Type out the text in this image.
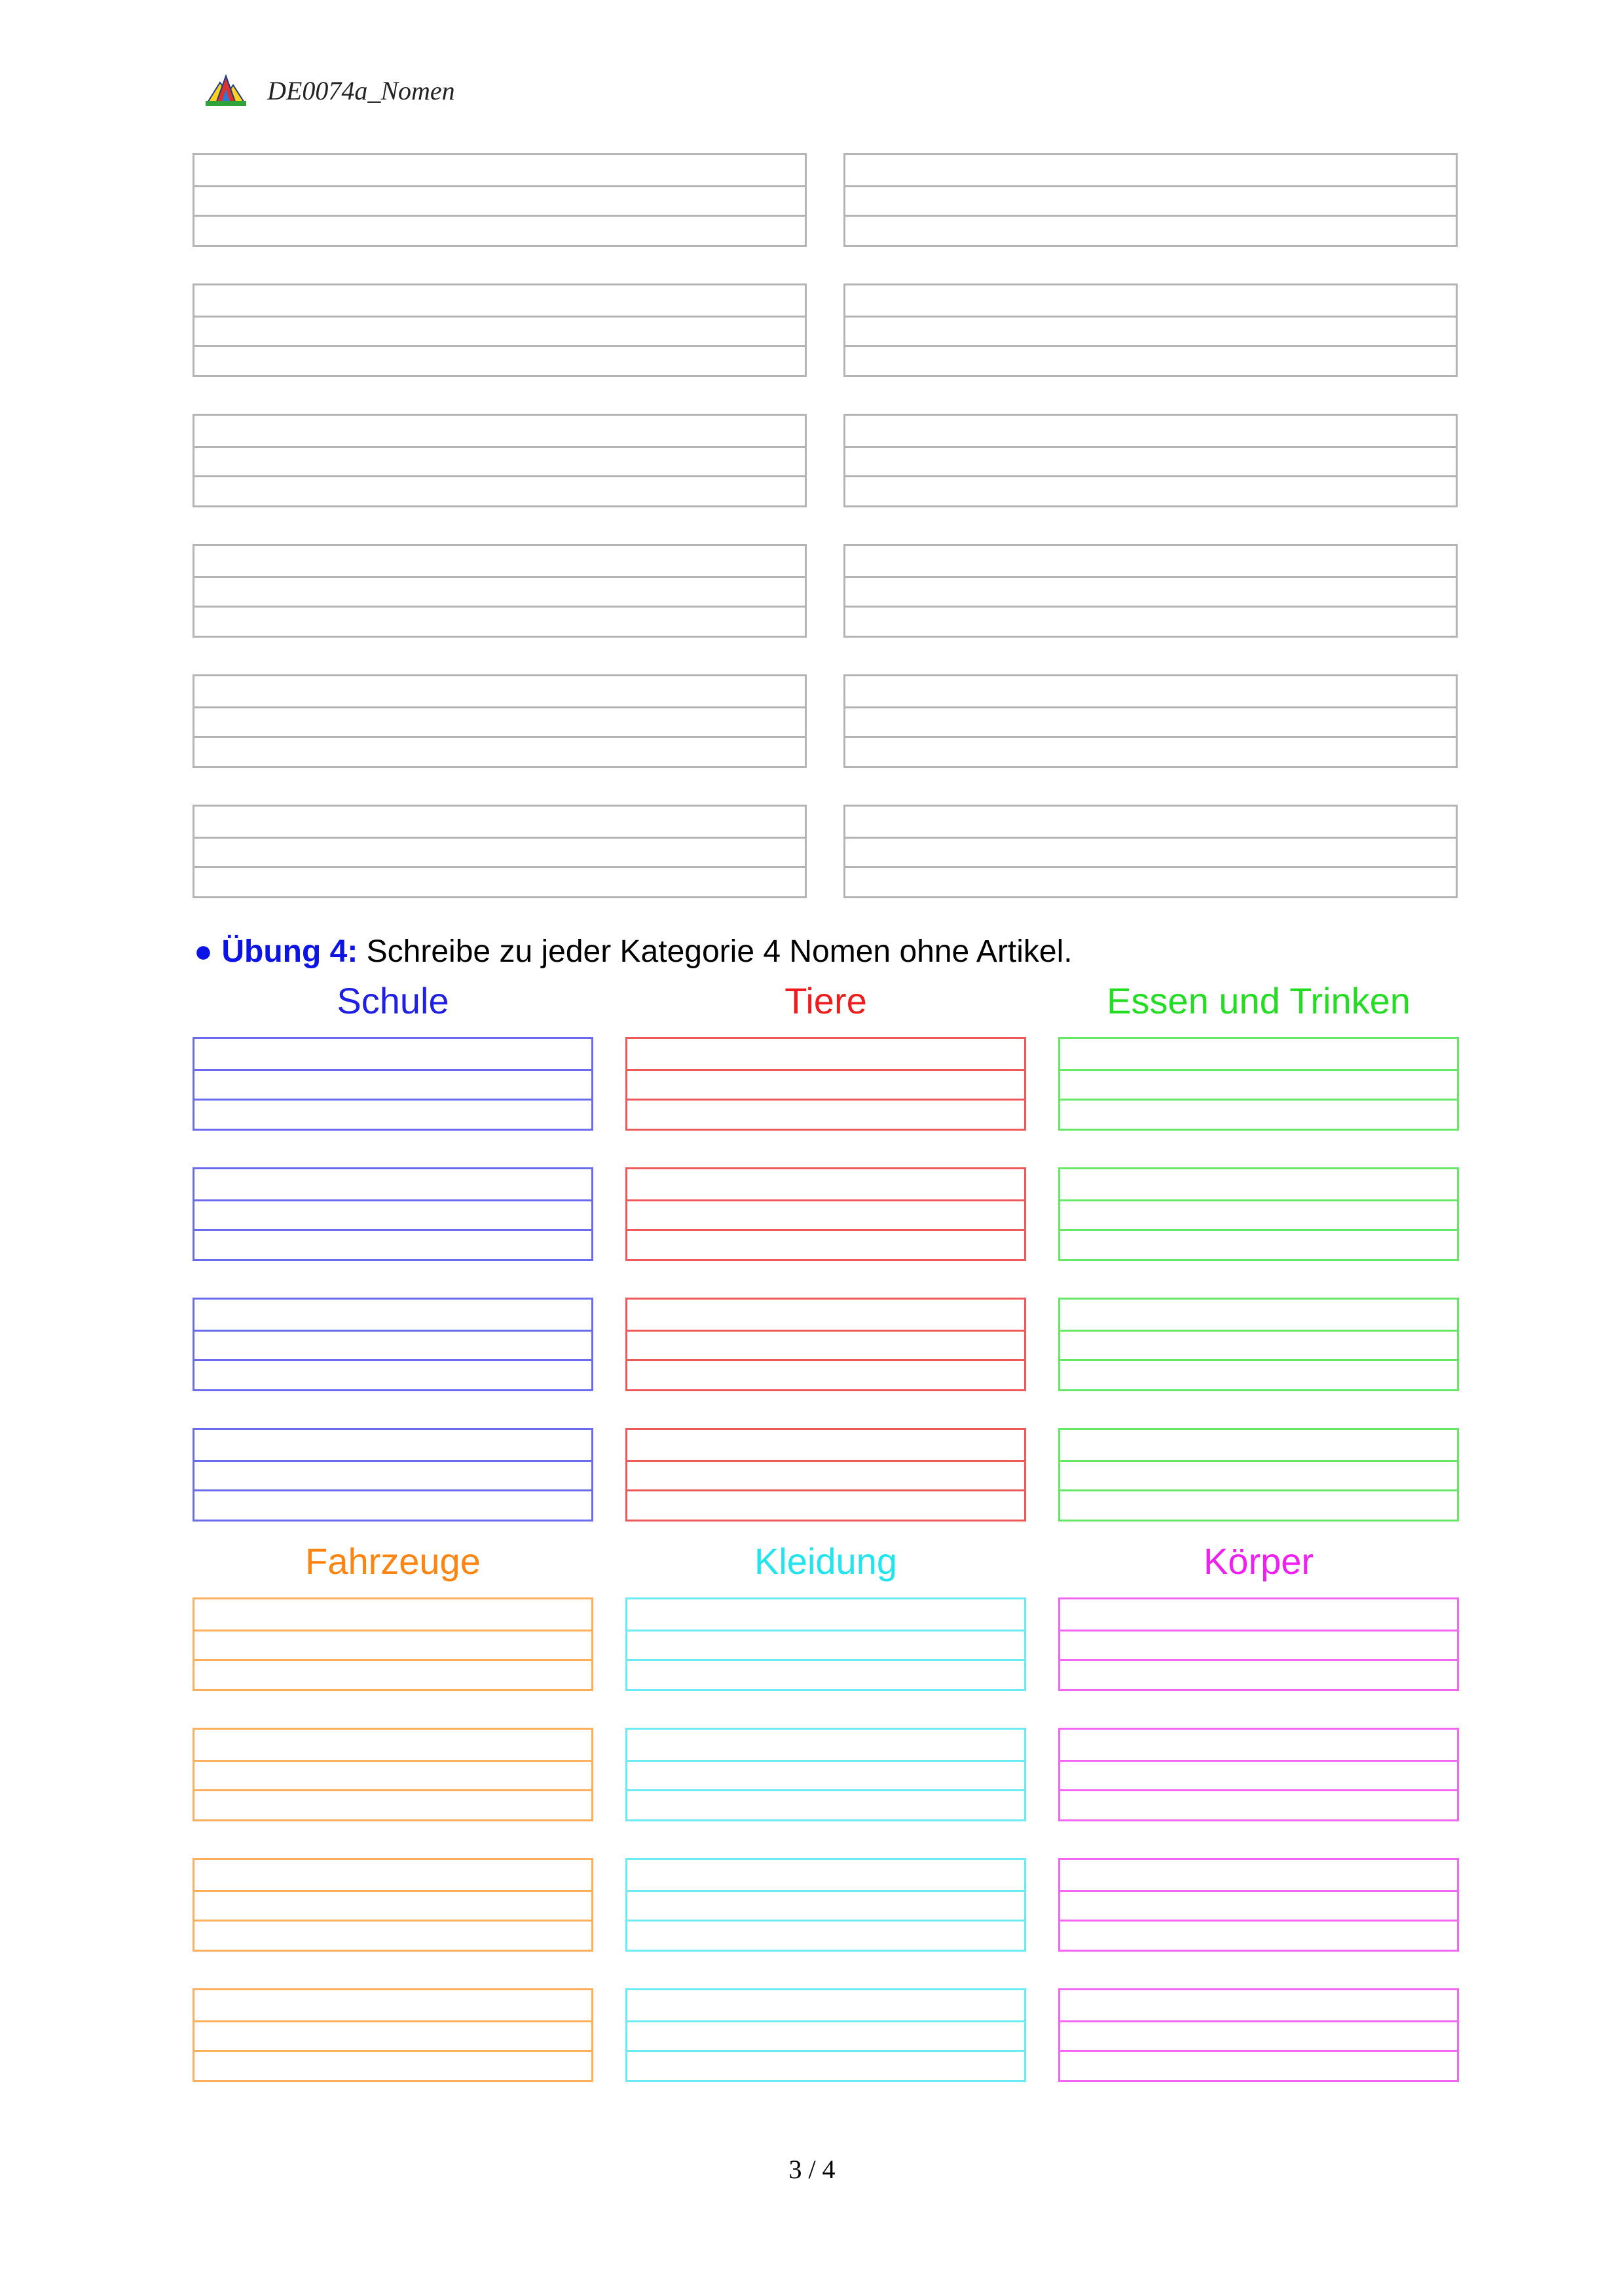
DE0074a_Nomen
● Übung 4: Schreibe zu jeder Kategorie 4 Nomen ohne Artikel.
Schule	Tiere	Essen und Trinken
Fahrzeuge	Kleidung	Körper
3 / 4
